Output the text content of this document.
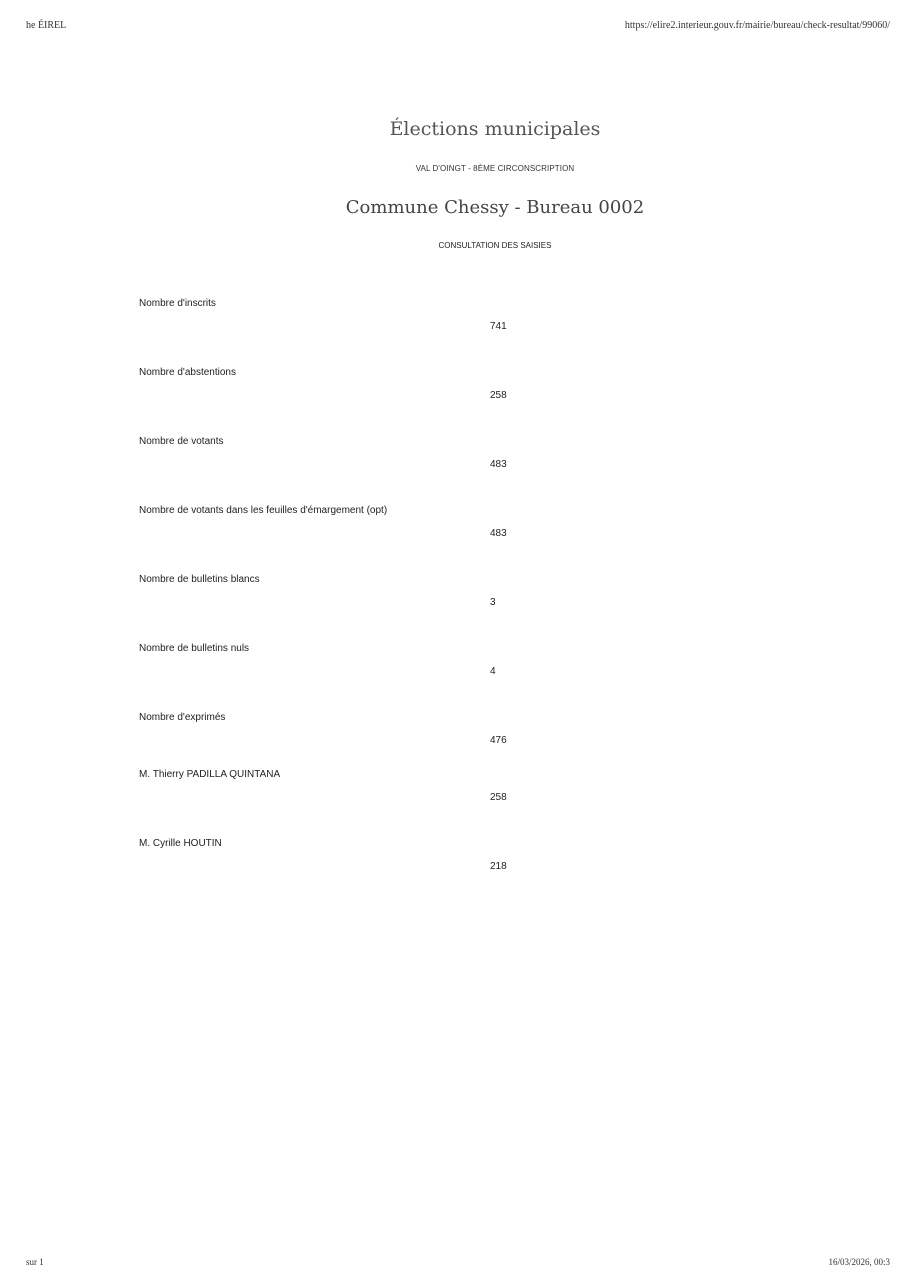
he ÉIREL	https://elire2.interieur.gouv.fr/mairie/bureau/check-resultat/99060/
Élections municipales
VAL D'OINGT - 8ÈME CIRCONSCRIPTION
Commune Chessy - Bureau 0002
CONSULTATION DES SAISIES
Nombre d'inscrits
741
Nombre d'abstentions
258
Nombre de votants
483
Nombre de votants dans les feuilles d'émargement (opt)
483
Nombre de bulletins blancs
3
Nombre de bulletins nuls
4
Nombre d'exprimés
476
M. Thierry PADILLA QUINTANA
258
M. Cyrille HOUTIN
218
sur 1	16/03/2026, 00:3
